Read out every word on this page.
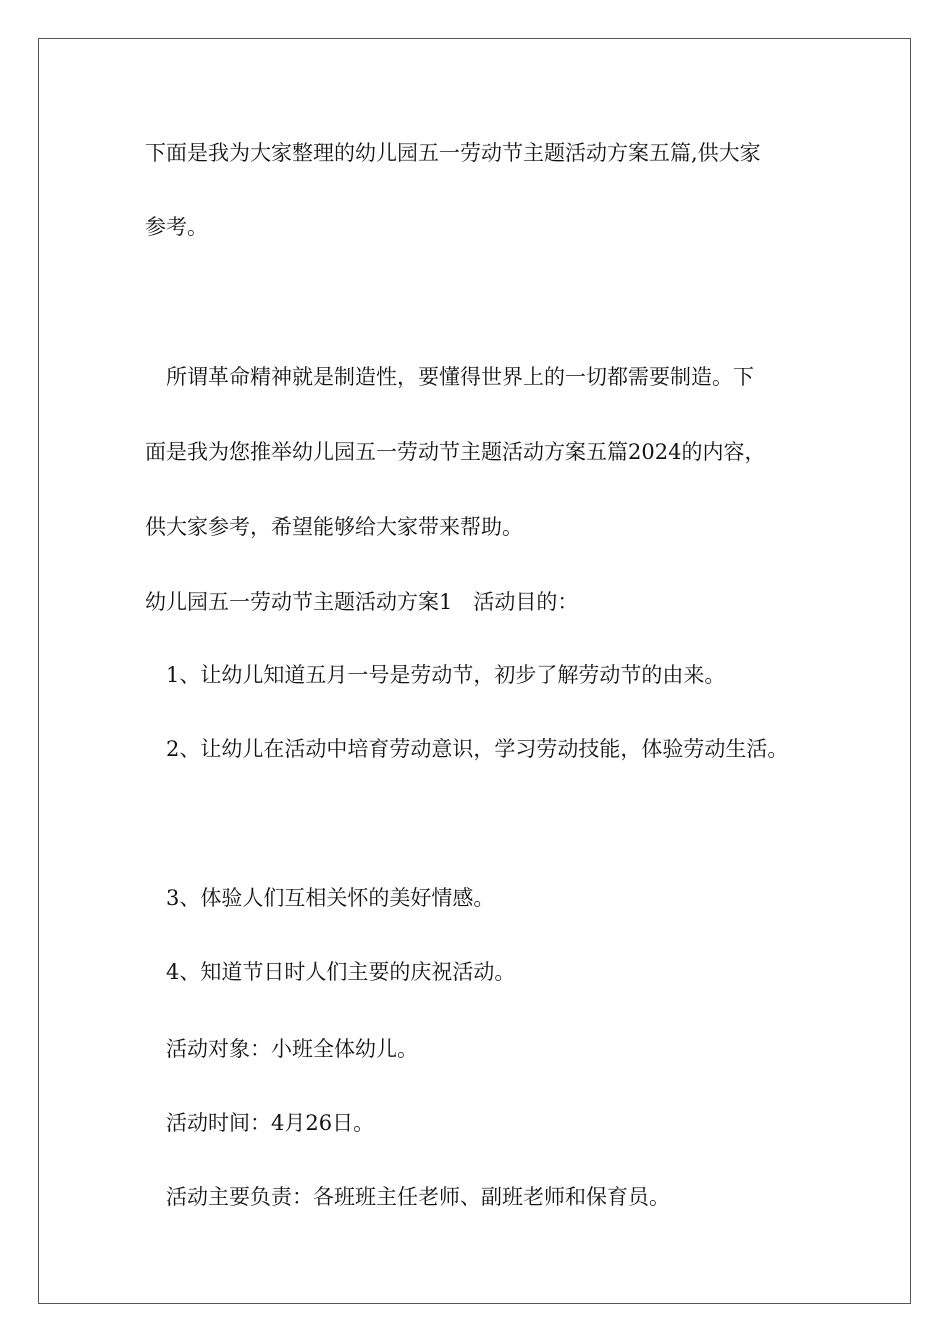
下面是我为大家整理的幼儿园五一劳动节主题活动方案五篇,供大家
参考。
所谓革命精神就是制造性，要懂得世界上的一切都需要制造。下
面是我为您推举幼儿园五一劳动节主题活动方案五篇2024的内容，
供大家参考，希望能够给大家带来帮助。
幼儿园五一劳动节主题活动方案1　活动目的：
1、让幼儿知道五月一号是劳动节，初步了解劳动节的由来。
2、让幼儿在活动中培育劳动意识，学习劳动技能，体验劳动生活。
3、体验人们互相关怀的美好情感。
4、知道节日时人们主要的庆祝活动。
活动对象：小班全体幼儿。
活动时间：4月26日。
活动主要负责：各班班主任老师、副班老师和保育员。
